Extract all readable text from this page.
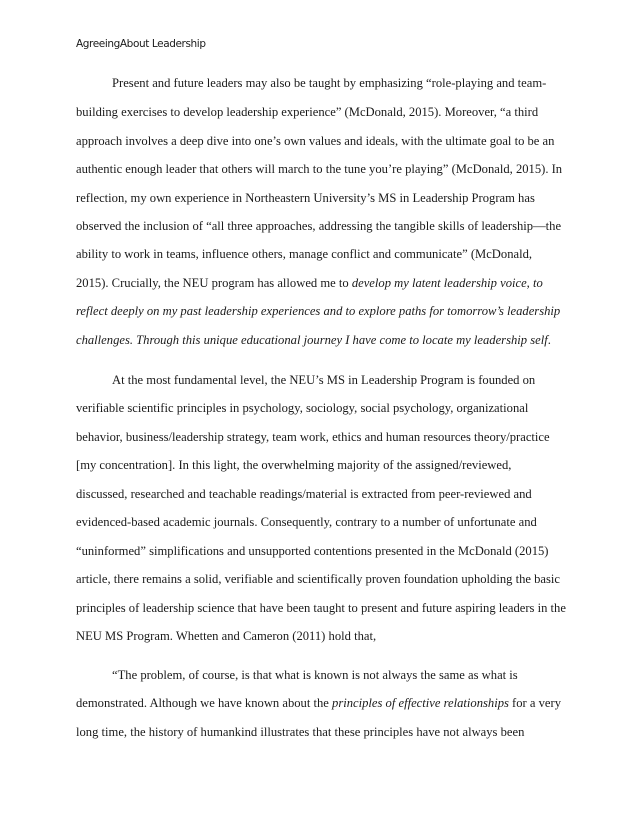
AgreeingAbout Leadership
Present and future leaders may also be taught by emphasizing “role-playing and team-
building exercises to develop leadership experience” (McDonald, 2015). Moreover, “a third
approach involves a deep dive into one’s own values and ideals, with the ultimate goal to be an
authentic enough leader that others will march to the tune you’re playing” (McDonald, 2015). In
reflection, my own experience in Northeastern University’s MS in Leadership Program has
observed the inclusion of “all three approaches, addressing the tangible skills of leadership—the
ability to work in teams, influence others, manage conflict and communicate” (McDonald,
2015). Crucially, the NEU program has allowed me to develop my latent leadership voice, to
reflect deeply on my past leadership experiences and to explore paths for tomorrow’s leadership
challenges. Through this unique educational journey I have come to locate my leadership self.
At the most fundamental level, the NEU’s MS in Leadership Program is founded on
verifiable scientific principles in psychology, sociology, social psychology, organizational
behavior, business/leadership strategy, team work, ethics and human resources theory/practice
[my concentration]. In this light, the overwhelming majority of the assigned/reviewed,
discussed, researched and teachable readings/material is extracted from peer-reviewed and
evidenced-based academic journals. Consequently, contrary to a number of unfortunate and
“uninformed” simplifications and unsupported contentions presented in the McDonald (2015)
article, there remains a solid, verifiable and scientifically proven foundation upholding the basic
principles of leadership science that have been taught to present and future aspiring leaders in the
NEU MS Program. Whetten and Cameron (2011) hold that,
“The problem, of course, is that what is known is not always the same as what is
demonstrated. Although we have known about the principles of effective relationships for a very
long time, the history of humankind illustrates that these principles have not always been
